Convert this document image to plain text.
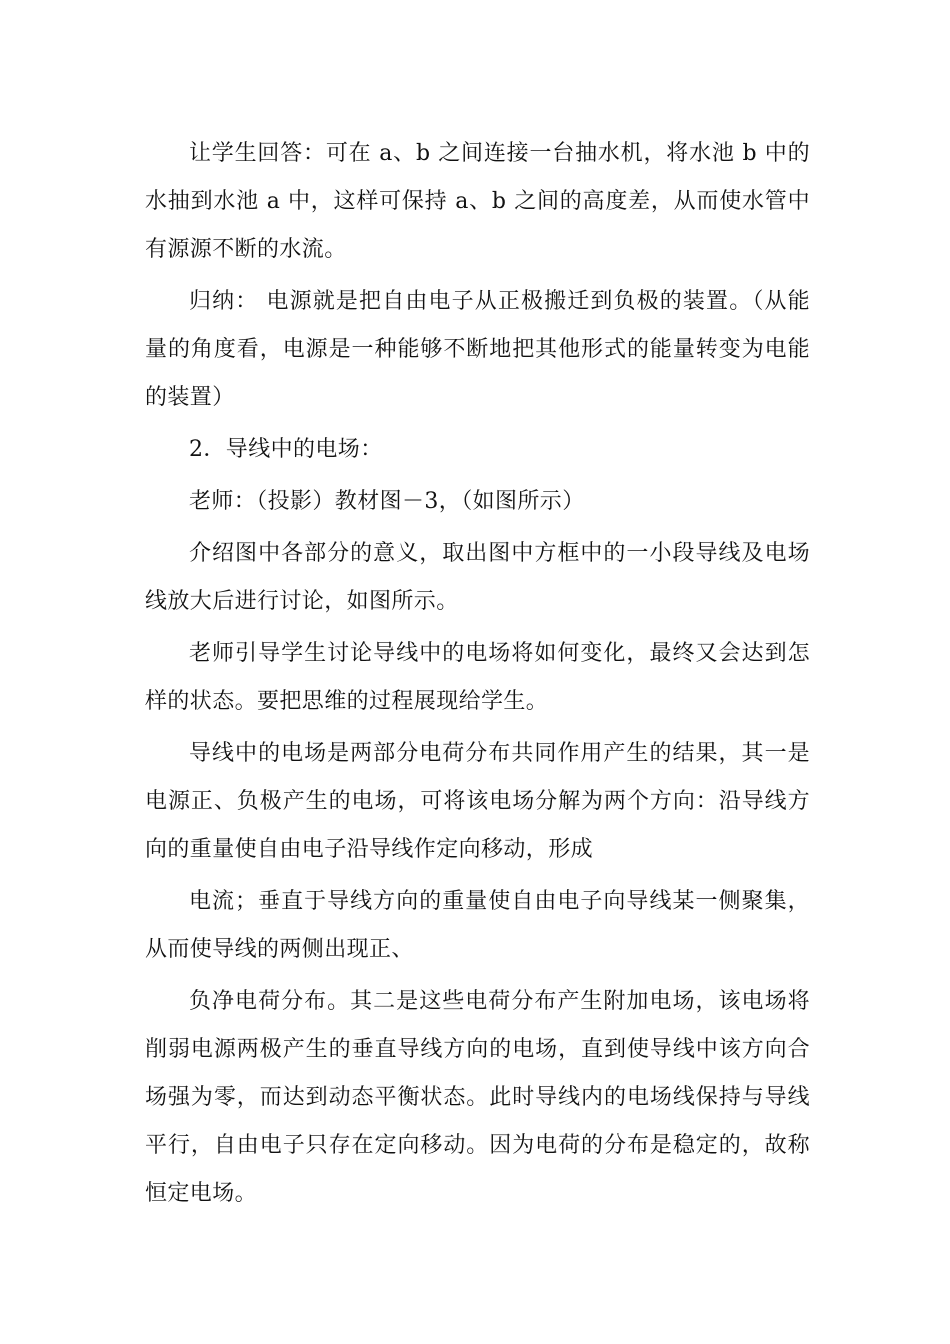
让学生回答：可在 a、b 之间连接一台抽水机，将水池 b 中的水抽到水池 a 中，这样可保持 a、b 之间的高度差，从而使水管中有源源不断的水流。

归纳： 电源就是把自由电子从正极搬迁到负极的装置。（从能量的角度看，电源是一种能够不断地把其他形式的能量转变为电能的装置）

2．导线中的电场：

老师：（投影）教材图－3，（如图所示）

介绍图中各部分的意义，取出图中方框中的一小段导线及电场线放大后进行讨论，如图所示。

老师引导学生讨论导线中的电场将如何变化，最终又会达到怎样的状态。要把思维的过程展现给学生。

导线中的电场是两部分电荷分布共同作用产生的结果，其一是电源正、负极产生的电场，可将该电场分解为两个方向：沿导线方向的重量使自由电子沿导线作定向移动，形成

电流；垂直于导线方向的重量使自由电子向导线某一侧聚集，从而使导线的两侧出现正、

负净电荷分布。其二是这些电荷分布产生附加电场，该电场将削弱电源两极产生的垂直导线方向的电场，直到使导线中该方向合场强为零，而达到动态平衡状态。此时导线内的电场线保持与导线平行，自由电子只存在定向移动。因为电荷的分布是稳定的，故称恒定电场。
